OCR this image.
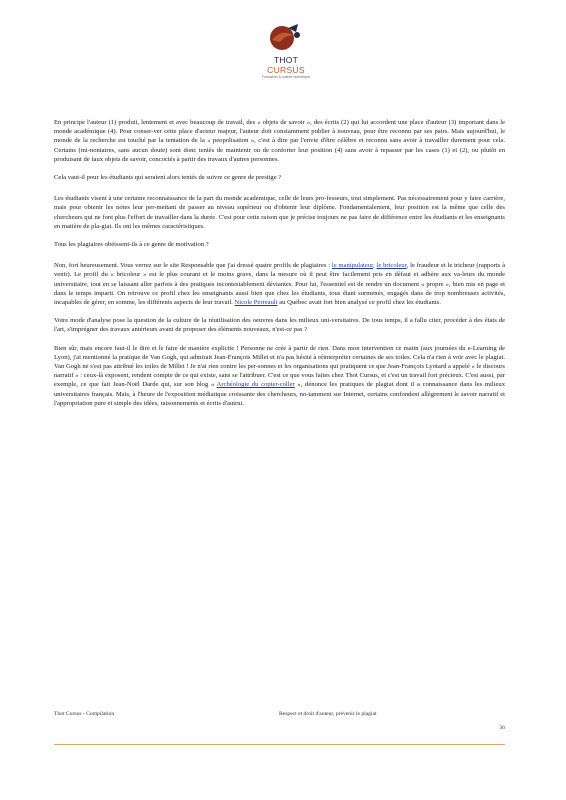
THOT CURSUS
Formation & culture numérique

En principe l'auteur (1) produit, lentement et avec beaucoup de travail, des « objets de savoir », des écrits (2) qui lui accordent une place d'auteur (3) important dans le monde académique (4). Pour conser-ver cette place d'acteur majeur, l'auteur doit constamment publier à nouveau, pour être reconnu par ses pairs. Mais aujourd'hui, le monde de la recherche est touché par la tentation de la « peopolisation », c'est à dire par l'envie d'être célèbre et reconnu sans avoir à travailler durement pour cela. Certains (mi-nontaires, sans aucun doute) sont donc tentés de maintenir ou de conforter leur position (4) sans avoir à repasser par les cases (1) et (2), ou plutôt en produisant de faux objets de savoir, concoctés à partir des travaux d'autres personnes.

Cela vaut-il pour les étudiants qui seraient alors tentés de suivre ce genre de prestige ?

Les étudiants visent à une certaine reconnaissance de la part du monde académique, celle de leurs pro-fesseurs, tout simplement. Pas nécessairement pour y faire carrière, mais pour obtenir les notes leur per-mettant de passer au niveau supérieur ou d'obtenir leur diplôme. Fondamentalement, leur position est la même que celle des chercheurs qui ne font plus l'effort de travailler dans la durée. C'est pour cette raison que je précise toujours ne pas faire de différence entre les étudiants et les enseignants en matière de pla-giat. Ils ont les mêmes caractéristiques.

Tous les plagiaires obéissent-ils à ce genre de motivation ?

Non, fort heureusement. Vous verrez sur le site Responsable que j'ai dressé quatre profils de plagiaires : le manipulateur, le bricoleur, le fraudeur et le tricheur (rapports à venir). Le profil du « bricoleur » est le plus courant et le moins grave, dans la mesure où il peut être facilement pris en défaut et adhère aux va-leurs du monde universitaire, tout en se laissant aller parfois à des pratiques incontestablement déviantes. Pour lui, l'essentiel est de rendre un document « propre », bien mis en page et dans le temps imparti. On retrouve ce profil chez les enseignants aussi bien que chez les étudiants, tous étant surmenés, engagés dans de trop nombreuses activités, incapables de gérer, en somme, les différents aspects de leur travail. Nicole Perreault au Québec avait fort bien analysé ce profil chez les étudiants.

Votre mode d'analyse pose la question de la culture de la réutilisation des oeuvres dans les milieux uni-versitaires. De tous temps, il a fallu citer, procéder à des états de l'art, s'imprégner des travaux antérieurs avant de proposer des éléments nouveaux, n'est-ce pas ?

Bien sûr, mais encore faut-il le dire et le faire de manière explicite ! Personne ne crée à partir de rien. Dans mon intervention ce matin (aux journées du e-Learning de Lyon), j'ai mentionné la pratique de Van Gogh, qui admirait Jean-François Millet et n'a pas hésité à réinterpréter certaines de ses toiles. Cela n'a rien à voir avec le plagiat. Van Gogh ne s'est pas attribué les toiles de Millet ! Je n'ai rien contre les per-sonnes et les organisations qui pratiquent ce que Jean-François Lyotard a appelé « le discours narratif » : ceux-là exposent, rendent compte de ce qui existe, sans se l'attribuer. C'est ce que vous faites chez Thot Cursus, et c'est un travail fort précieux. C'est aussi, par exemple, ce que fait Jean-Noël Darde qui, sur son blog « Archéologie du copier-coller », dénonce les pratiques de plagiat dont il a connaissance dans les milieux universitaires français. Mais, à l'heure de l'exposition médiatique croissante des chercheurs, no-tamment sur Internet, certains confondent allègrement le savoir narratif et l'appropriation pure et simple des idées, raisonnements et écrits d'autrui.

Thot Cursus - Compilation	Respect et droit d'auteur, prévenir le plagiat
36
